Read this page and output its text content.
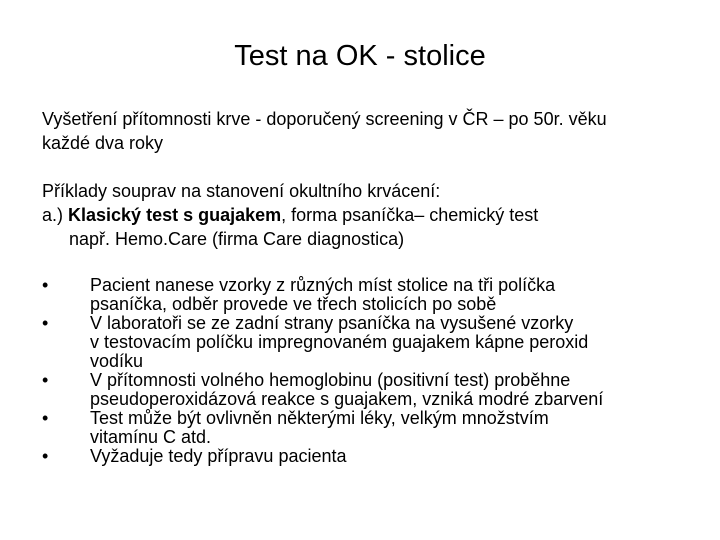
Test na OK - stolice

Vyšetření přítomnosti krve - doporučený screening v ČR – po 50r. věku
každé dva roky

Příklady souprav na stanovení okultního krvácení:
a.) Klasický test s guajakem, forma psaníčka– chemický test
např. Hemo.Care (firma Care diagnostica)

• Pacient nanese vzorky z různých míst stolice na tři políčka
psaníčka, odběr provede ve třech stolicích po sobě
• V laboratoři se ze zadní strany psaníčka na vysušené vzorky
v testovacím políčku impregnovaném guajakem kápne peroxid
vodíku
• V přítomnosti volného hemoglobinu (positivní test) proběhne
pseudoperoxidázová reakce s guajakem, vzniká modré zbarvení
• Test může být ovlivněn některými léky, velkým množstvím
vitamínu C atd.
• Vyžaduje tedy přípravu pacienta
